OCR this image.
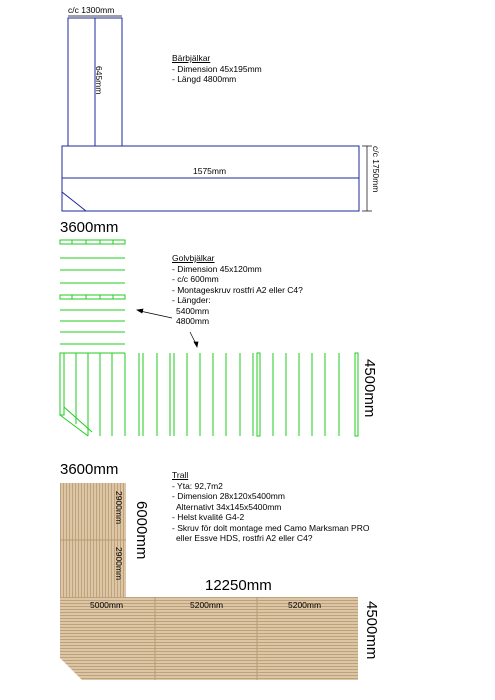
c/c 1300mm
645mm
1575mm	c/c 1750mm
Bärbjälkar
- Dimension 45x195mm
- Längd 4800mm
3600mm
4500mm
Golvbjälkar
- Dimension 45x120mm
- c/c 600mm
- Montageskruv rostfri A2 eller C4?
- Längder:
5400mm
4800mm
3600mm
6000mm
2900mm
2900mm
12250mm
4500mm
5000mm	5200mm	5200mm
Trall
- Yta: 92,7m2
- Dimension 28x120x5400mm
Alternativt 34x145x5400mm
- Helst kvalité G4-2
- Skruv för dolt montage med Camo Marksman PRO
eller Essve HDS, rostfri A2 eller C4?
